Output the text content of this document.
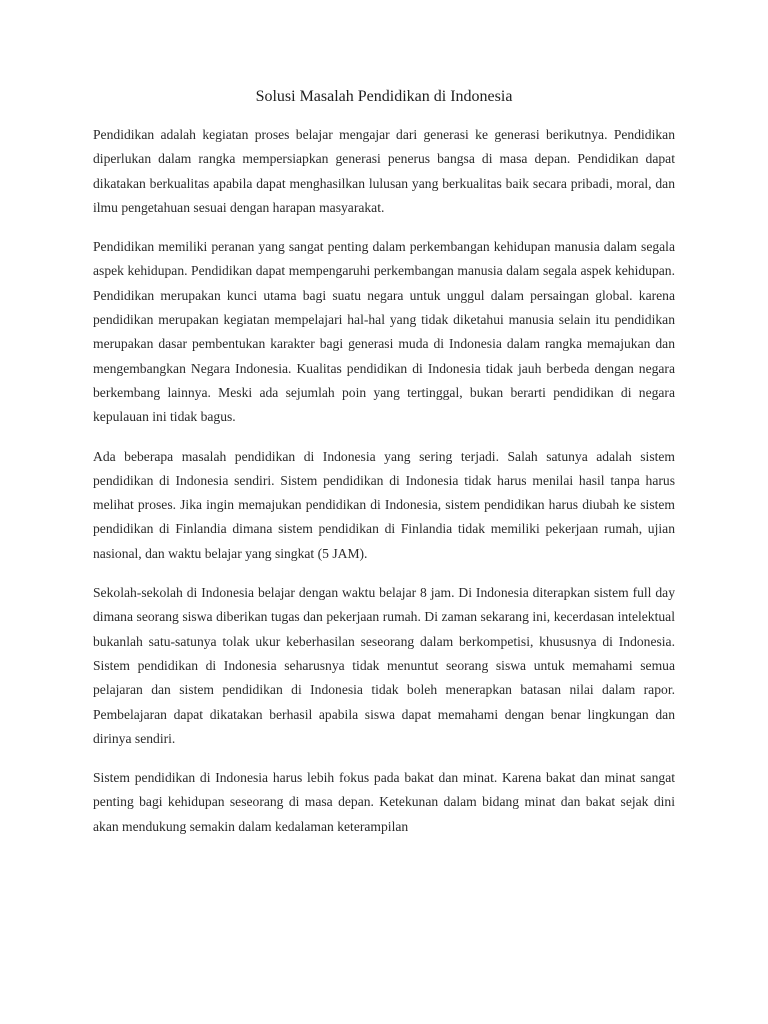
Solusi Masalah Pendidikan di Indonesia

Pendidikan adalah kegiatan proses belajar mengajar dari generasi ke generasi berikutnya. Pendidikan diperlukan dalam rangka mempersiapkan generasi penerus bangsa di masa depan. Pendidikan dapat dikatakan berkualitas apabila dapat menghasilkan lulusan yang berkualitas baik secara pribadi, moral, dan ilmu pengetahuan sesuai dengan harapan masyarakat.

Pendidikan memiliki peranan yang sangat penting dalam perkembangan kehidupan manusia dalam segala aspek kehidupan. Pendidikan dapat mempengaruhi perkembangan manusia dalam segala aspek kehidupan. Pendidikan merupakan kunci utama bagi suatu negara untuk unggul dalam persaingan global. karena pendidikan merupakan kegiatan mempelajari hal-hal yang tidak diketahui manusia selain itu pendidikan merupakan dasar pembentukan karakter bagi generasi muda di Indonesia dalam rangka memajukan dan mengembangkan Negara Indonesia. Kualitas pendidikan di Indonesia tidak jauh berbeda dengan negara berkembang lainnya. Meski ada sejumlah poin yang tertinggal, bukan berarti pendidikan di negara kepulauan ini tidak bagus.

Ada beberapa masalah pendidikan di Indonesia yang sering terjadi. Salah satunya adalah sistem pendidikan di Indonesia sendiri. Sistem pendidikan di Indonesia tidak harus menilai hasil tanpa harus melihat proses. Jika ingin memajukan pendidikan di Indonesia, sistem pendidikan harus diubah ke sistem pendidikan di Finlandia dimana sistem pendidikan di Finlandia tidak memiliki pekerjaan rumah, ujian nasional, dan waktu belajar yang singkat (5 JAM).

Sekolah-sekolah di Indonesia belajar dengan waktu belajar 8 jam. Di Indonesia diterapkan sistem full day dimana seorang siswa diberikan tugas dan pekerjaan rumah. Di zaman sekarang ini, kecerdasan intelektual bukanlah satu-satunya tolak ukur keberhasilan seseorang dalam berkompetisi, khususnya di Indonesia. Sistem pendidikan di Indonesia seharusnya tidak menuntut seorang siswa untuk memahami semua pelajaran dan sistem pendidikan di Indonesia tidak boleh menerapkan batasan nilai dalam rapor. Pembelajaran dapat dikatakan berhasil apabila siswa dapat memahami dengan benar lingkungan dan dirinya sendiri.

Sistem pendidikan di Indonesia harus lebih fokus pada bakat dan minat. Karena bakat dan minat sangat penting bagi kehidupan seseorang di masa depan. Ketekunan dalam bidang minat dan bakat sejak dini akan mendukung semakin dalam kedalaman keterampilan
